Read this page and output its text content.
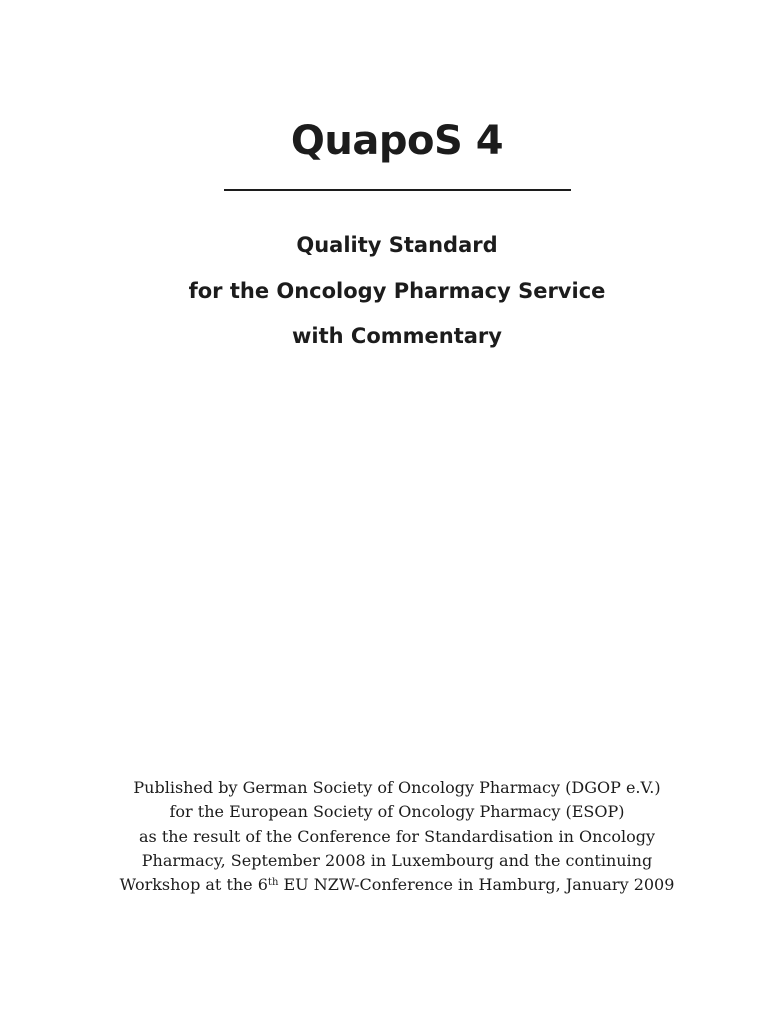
QuapoS 4
Quality Standard
for the Oncology Pharmacy Service
with Commentary
Published by German Society of Oncology Pharmacy (DGOP e.V.)
for the European Society of Oncology Pharmacy (ESOP)
as the result of the Conference for Standardisation in Oncology
Pharmacy, September 2008 in Luxembourg and the continuing
Workshop at the 6th EU NZW-Conference in Hamburg, January 2009
